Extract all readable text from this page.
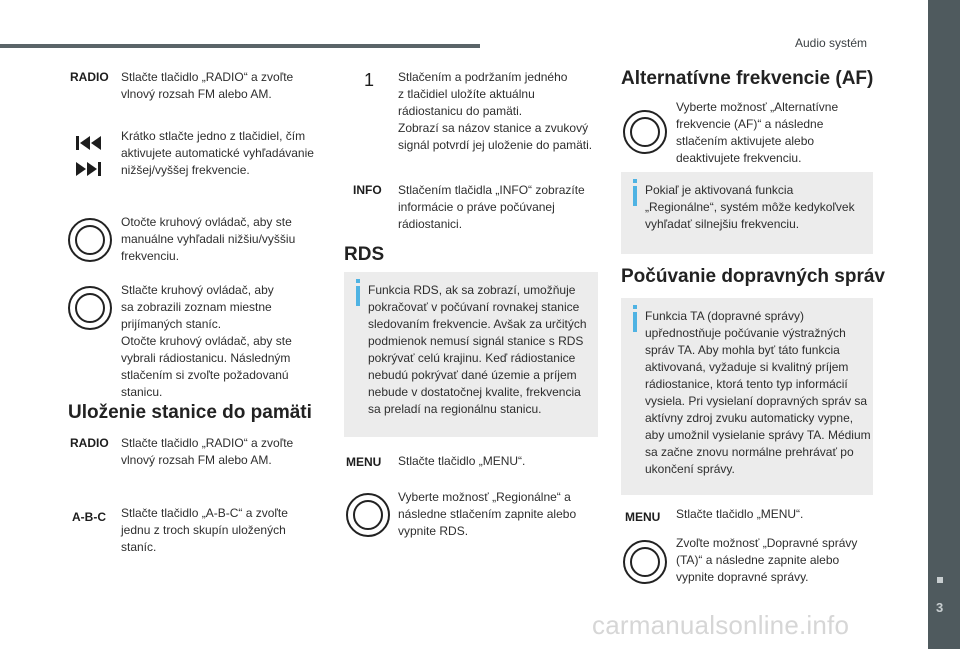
Audio systém
3
carmanualsonline.info
RADIO Stlačte tlačidlo „RADIO“ a zvoľte
vlnový rozsah FM alebo AM.
Krátko stlačte jedno z tlačidiel, čím
aktivujete automatické vyhľadávanie
nižšej/vyššej frekvencie.
Otočte kruhový ovládač, aby ste
manuálne vyhľadali nižšiu/vyššiu
frekvenciu.
Stlačte kruhový ovládač, aby
sa zobrazili zoznam miestne
prijímaných staníc.
Otočte kruhový ovládač, aby ste
vybrali rádiostanicu. Následným
stlačením si zvoľte požadovanú
stanicu.
Uloženie stanice do pamäti
RADIO Stlačte tlačidlo „RADIO“ a zvoľte
vlnový rozsah FM alebo AM.
A-B-C Stlačte tlačidlo „A-B-C“ a zvoľte
jednu z troch skupín uložených
staníc.
1 Stlačením a podržaním jedného
z tlačidiel uložíte aktuálnu
rádiostanicu do pamäti.
Zobrazí sa názov stanice a zvukový
signál potvrdí jej uloženie do pamäti.
INFO Stlačením tlačidla „INFO“ zobrazíte
informácie o práve počúvanej
rádiostanici.
RDS
Funkcia RDS, ak sa zobrazí, umožňuje
pokračovať v počúvaní rovnakej stanice
sledovaním frekvencie. Avšak za určitých
podmienok nemusí signál stanice s RDS
pokrývať celú krajinu. Keď rádiostanice
nebudú pokrývať dané územie a príjem
nebude v dostatočnej kvalite, frekvencia
sa preladí na regionálnu stanicu.
MENU Stlačte tlačidlo „MENU“.
Vyberte možnosť „Regionálne“ a
následne stlačením zapnite alebo
vypnite RDS.
Alternatívne frekvencie (AF)
Vyberte možnosť „Alternatívne
frekvencie (AF)“ a následne
stlačením aktivujete alebo
deaktivujete frekvenciu.
Pokiaľ je aktivovaná funkcia
„Regionálne“, systém môže kedykoľvek
vyhľadať silnejšiu frekvenciu.
Počúvanie dopravných správ
Funkcia TA (dopravné správy)
upřednostňuje počúvanie výstražných
správ TA. Aby mohla byť táto funkcia
aktivovaná, vyžaduje si kvalitný príjem
rádiostanice, ktorá tento typ informácií
vysiela. Pri vysielaní dopravných správ sa
aktívny zdroj zvuku automaticky vypne,
aby umožnil vysielanie správy TA. Médium
sa začne znovu normálne prehrávať po
ukončení správy.
MENU Stlačte tlačidlo „MENU“.
Zvoľte možnosť „Dopravné správy
(TA)“ a následne zapnite alebo
vypnite dopravné správy.
